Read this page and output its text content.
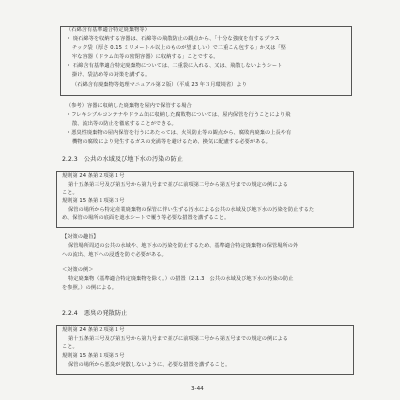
（石綿含有基準適合特定廃棄物等）
・ 廃石綿等を収納する容器は、石綿等の飛散防止の観点から、「十分な強度を有するプラス
チック袋（厚さ 0.15 ミリメートル以上のものが望ましい）で二重こん包する」か又は「堅
牢な容器（ドラム缶等の密閉容器）に収納する」ことでする。
・ 石綿含有基準適合特定廃棄物については、二重袋に入れる、又は、飛散しないようシート
掛け、袋詰め等の対策を講ずる。
（石綿含有廃棄物等処理マニュアル第２版）（平成 23 年３月環境省）より
（参考）容器に収納した廃棄物を屋内で保管する場合
・フレキシブルコンテナやドラム缶に収納した腐敗物については、屋内保管を行うことにより飛
散、流出等の防止を徹底することができる。
・悪臭性廃棄物の屋内保管を行うにあたっては、火災防止等の観点から、腐敗内廃棄の上長や有
機物の腐敗により発生するガスの充満等を避けるため、換気に配慮する必要がある。
2.2.3　公共の水域及び地下水の汚染の防止
規則第 24 条第２項第１号
第十五条第三号及び第五号から第九号まで並びに前項第二号から第五号までの規定の例による
こと。
規則第 15 条第１項第３号
保管の場所から特定産業廃棄物の保管に伴い生ずる汚水による公共の水域及び地下水の汚染を防止するた
め、保管の場所の底面を遮水シートで覆う等必要な措置を講ずること。
【対策の趣旨】
保管場所周辺の公共の水域や、地下水の汚染を防止するため、基準適合特定廃棄物の保管場所の外
への流出、地下への浸透を防ぐ必要がある。
＜対策の例＞
特定廃棄物（基準適合特定廃棄物を除く。）の措置（2.1.3　公共の水域及び地下水の汚染の防止
を参照。）の例による。
2.2.4　悪臭の発散防止
規則第 24 条第２項第１号
第十五条第三号及び第五号から第九号まで並びに前項第二号から第五号までの規定の例による
こと。
規則第 15 条第１項第５号
保管の場所から悪臭が発散しないように、必要な措置を講ずること。
3-44
